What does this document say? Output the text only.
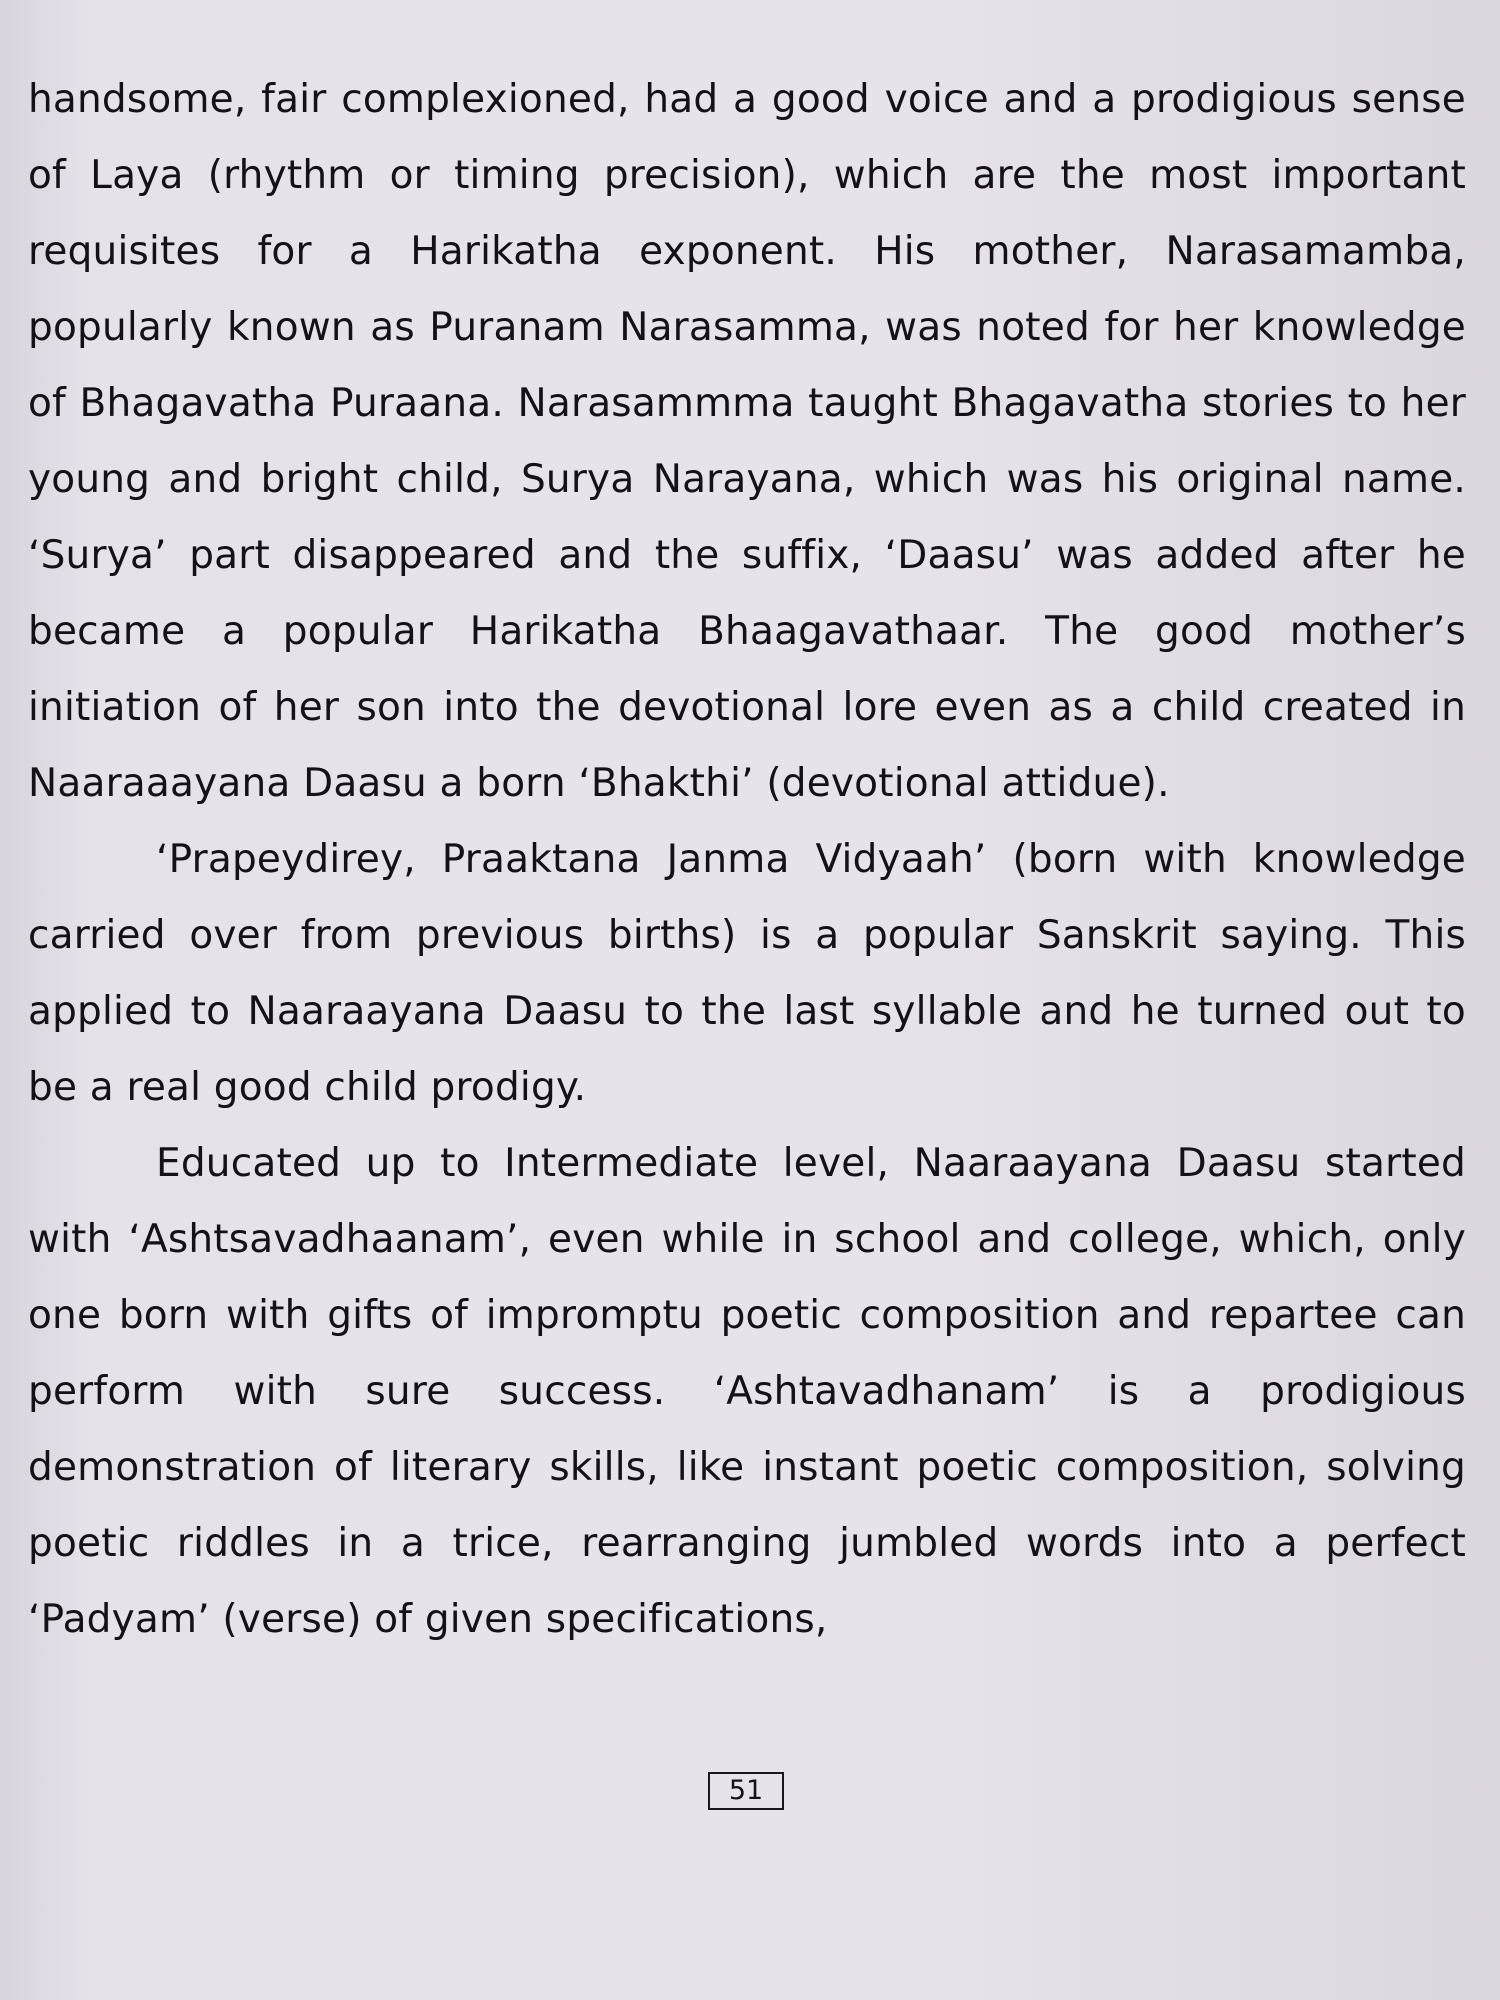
handsome, fair complexioned, had a good voice and a prodigious sense of Laya (rhythm or timing precision), which are the most important requisites for a Harikatha exponent. His mother, Narasamamba, popularly known as Puranam Narasamma, was noted for her knowledge of Bhagavatha Puraana. Narasammma taught Bhagavatha stories to her young and bright child, Surya Narayana, which was his original name. ‘Surya’ part disappeared and the suffix, ‘Daasu’ was added after he became a popular Harikatha Bhaagavathaar. The good mother’s initiation of her son into the devotional lore even as a child created in Naaraaayana Daasu a born ‘Bhakthi’ (devotional attidue).

‘Prapeydirey, Praaktana Janma Vidyaah’ (born with knowledge carried over from previous births) is a popular Sanskrit saying. This applied to Naaraayana Daasu to the last syllable and he turned out to be a real good child prodigy.

Educated up to Intermediate level, Naaraayana Daasu started with ‘Ashtsavadhaanam’, even while in school and college, which, only one born with gifts of impromptu poetic composition and repartee can perform with sure success. ‘Ashtavadhanam’ is a prodigious demonstration of literary skills, like instant poetic composition, solving poetic riddles in a trice, rearranging jumbled words into a perfect ‘Padyam’ (verse) of given specifications,

51
